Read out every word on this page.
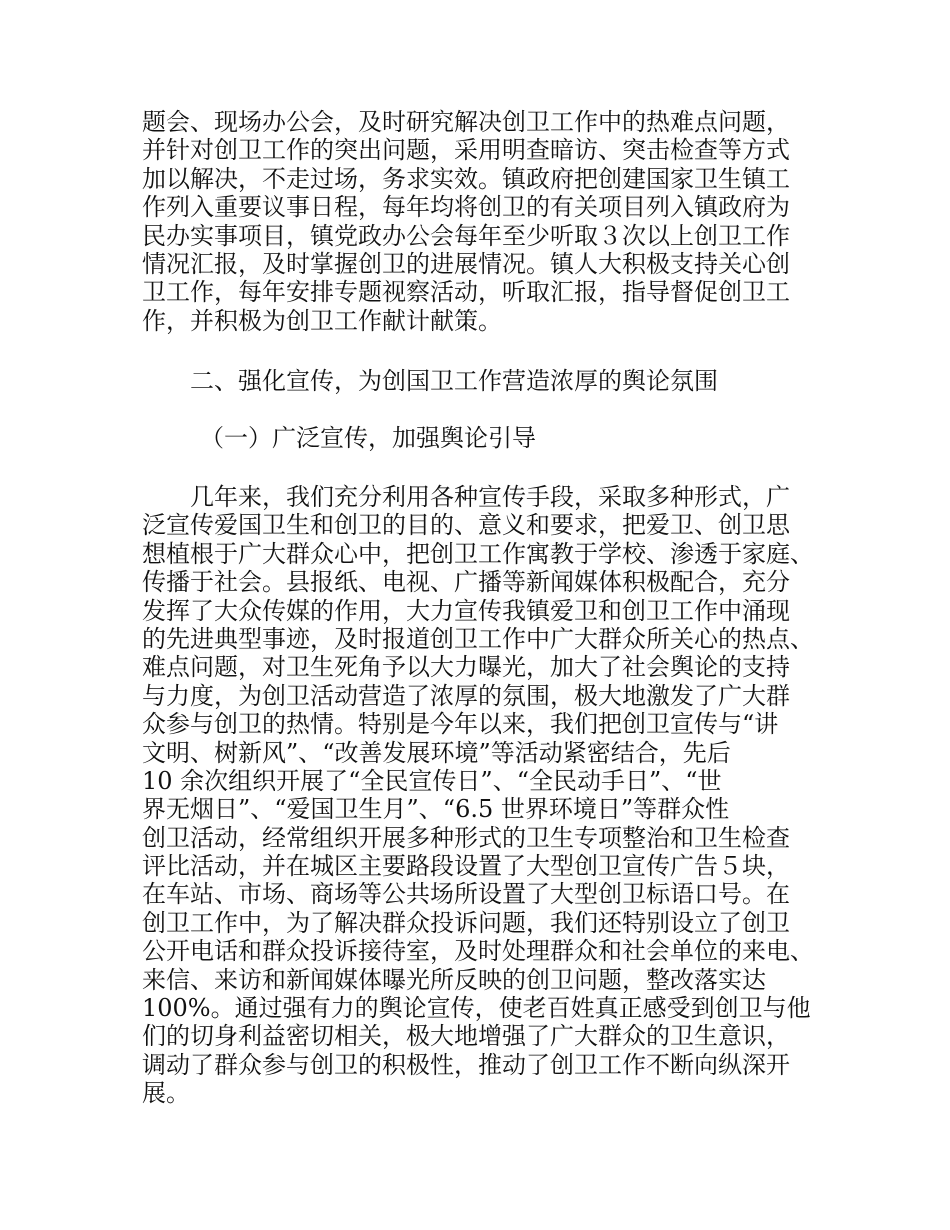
题会、现场办公会，及时研究解决创卫工作中的热难点问题，
并针对创卫工作的突出问题，采用明查暗访、突击检查等方式
加以解决，不走过场，务求实效。镇政府把创建国家卫生镇工
作列入重要议事日程，每年均将创卫的有关项目列入镇政府为
民办实事项目，镇党政办公会每年至少听取３次以上创卫工作
情况汇报，及时掌握创卫的进展情况。镇人大积极支持关心创
卫工作，每年安排专题视察活动，听取汇报，指导督促创卫工
作，并积极为创卫工作献计献策。
二、强化宣传，为创国卫工作营造浓厚的舆论氛围
（一）广泛宣传，加强舆论引导
几年来，我们充分利用各种宣传手段，采取多种形式，广
泛宣传爱国卫生和创卫的目的、意义和要求，把爱卫、创卫思
想植根于广大群众心中，把创卫工作寓教于学校、渗透于家庭、
传播于社会。县报纸、电视、广播等新闻媒体积极配合，充分
发挥了大众传媒的作用，大力宣传我镇爱卫和创卫工作中涌现
的先进典型事迹，及时报道创卫工作中广大群众所关心的热点、
难点问题，对卫生死角予以大力曝光，加大了社会舆论的支持
与力度，为创卫活动营造了浓厚的氛围，极大地激发了广大群
众参与创卫的热情。特别是今年以来，我们把创卫宣传与“讲
文明、树新风”、“改善发展环境”等活动紧密结合，先后
10 余次组织开展了“全民宣传日”、“全民动手日”、“世
界无烟日”、“爱国卫生月”、“6.5 世界环境日”等群众性
创卫活动，经常组织开展多种形式的卫生专项整治和卫生检查
评比活动，并在城区主要路段设置了大型创卫宣传广告５块，
在车站、市场、商场等公共场所设置了大型创卫标语口号。在
创卫工作中，为了解决群众投诉问题，我们还特别设立了创卫
公开电话和群众投诉接待室，及时处理群众和社会单位的来电、
来信、来访和新闻媒体曝光所反映的创卫问题，整改落实达
100%。通过强有力的舆论宣传，使老百姓真正感受到创卫与他
们的切身利益密切相关，极大地增强了广大群众的卫生意识，
调动了群众参与创卫的积极性，推动了创卫工作不断向纵深开
展。
